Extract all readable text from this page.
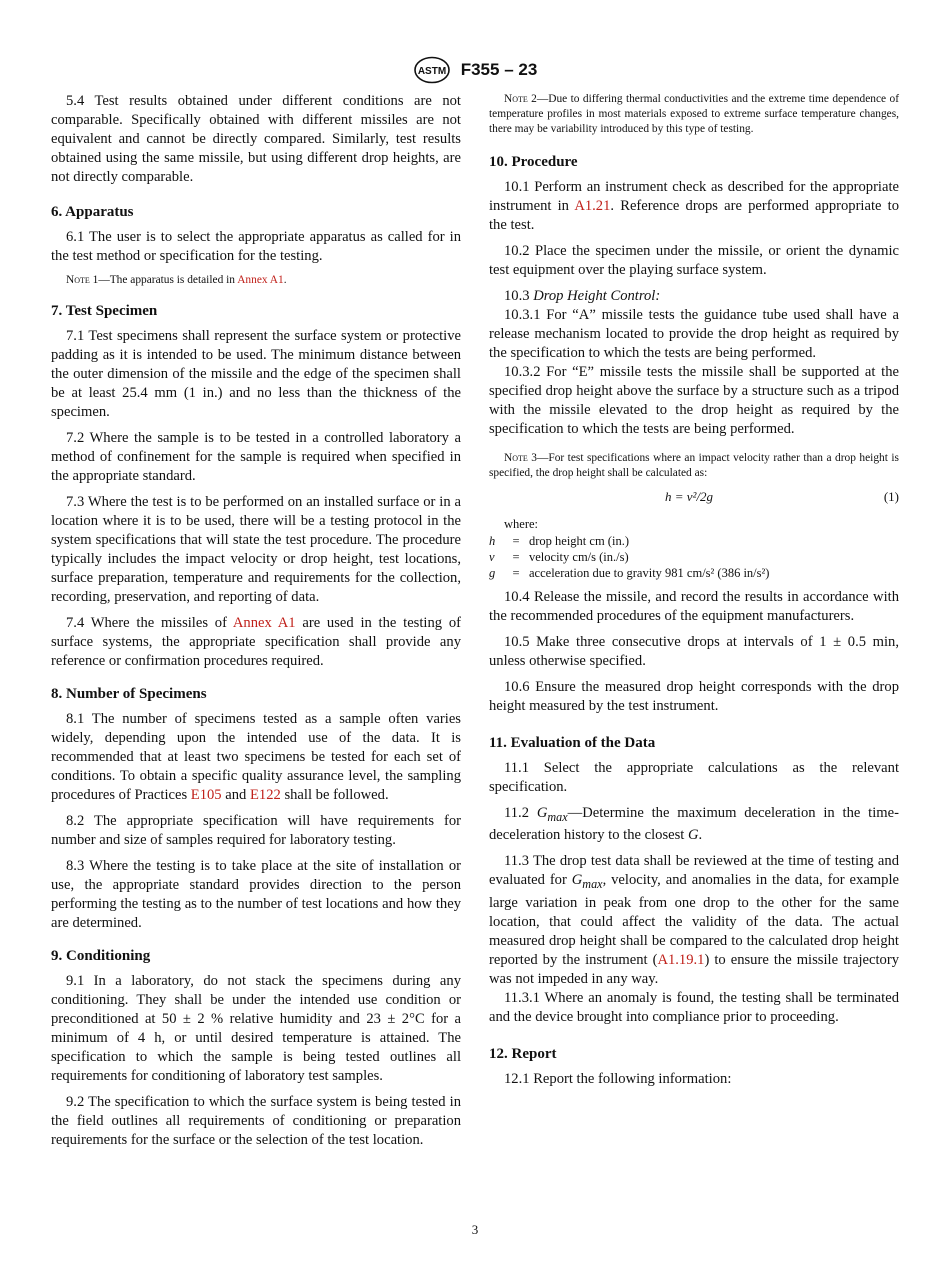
ASTM F355 – 23

5.4 Test results obtained under different conditions are not comparable. Specifically obtained with different missiles are not equivalent and cannot be directly compared. Similarly, test results obtained using the same missile, but using different drop heights, are not directly comparable.

6. Apparatus

6.1 The user is to select the appropriate apparatus as called for in the test method or specification for the testing.

Note 1—The apparatus is detailed in Annex A1.

7. Test Specimen

7.1 Test specimens shall represent the surface system or protective padding as it is intended to be used. The minimum distance between the outer dimension of the missile and the edge of the specimen shall be at least 25.4 mm (1 in.) and no less than the thickness of the specimen.

7.2 Where the sample is to be tested in a controlled laboratory a method of confinement for the sample is required when specified in the appropriate standard.

7.3 Where the test is to be performed on an installed surface or in a location where it is to be used, there will be a testing protocol in the system specifications that will state the test procedure. The procedure typically includes the impact velocity or drop height, test locations, surface preparation, temperature and requirements for the collection, recording, preservation, and reporting of data.

7.4 Where the missiles of Annex A1 are used in the testing of surface systems, the appropriate specification shall provide any reference or confirmation procedures required.

8. Number of Specimens

8.1 The number of specimens tested as a sample often varies widely, depending upon the intended use of the data. It is recommended that at least two specimens be tested for each set of conditions. To obtain a specific quality assurance level, the sampling procedures of Practices E105 and E122 shall be followed.

8.2 The appropriate specification will have requirements for number and size of samples required for laboratory testing.

8.3 Where the testing is to take place at the site of installation or use, the appropriate standard provides direction to the person performing the testing as to the number of test locations and how they are determined.

9. Conditioning

9.1 In a laboratory, do not stack the specimens during any conditioning. They shall be under the intended use condition or preconditioned at 50 ± 2 % relative humidity and 23 ± 2°C for a minimum of 4 h, or until desired temperature is attained. The specification to which the sample is being tested outlines all requirements for conditioning of laboratory test samples.

9.2 The specification to which the surface system is being tested in the field outlines all requirements of conditioning or preparation requirements for the surface or the selection of the test location.

Note 2—Due to differing thermal conductivities and the extreme time dependence of temperature profiles in most materials exposed to extreme surface temperature changes, there may be variability introduced by this type of testing.

10. Procedure

10.1 Perform an instrument check as described for the appropriate instrument in A1.21. Reference drops are performed appropriate to the test.

10.2 Place the specimen under the missile, or orient the dynamic test equipment over the playing surface system.

10.3 Drop Height Control:

10.3.1 For “A” missile tests the guidance tube used shall have a release mechanism located to provide the drop height as required by the specification to which the tests are being performed.

10.3.2 For “E” missile tests the missile shall be supported at the specified drop height above the surface by a structure such as a tripod with the missile elevated to the drop height as required by the specification to which the tests are being performed.

Note 3—For test specifications where an impact velocity rather than a drop height is specified, the drop height shall be calculated as:

h = v²/2g	(1)

where:

h	= drop height cm (in.)
v	= velocity cm/s (in./s)
g	= acceleration due to gravity 981 cm/s² (386 in/s²)

10.4 Release the missile, and record the results in accordance with the recommended procedures of the equipment manufacturers.

10.5 Make three consecutive drops at intervals of 1 ± 0.5 min, unless otherwise specified.

10.6 Ensure the measured drop height corresponds with the drop height measured by the test instrument.

11. Evaluation of the Data

11.1 Select the appropriate calculations as the relevant specification.

11.2 $G_{max}—Determine$ the maximum deceleration in the time-deceleration history to the closest G.

11.3 The drop test data shall be reviewed at the time of testing and evaluated for $G_{max}$, velocity, and anomalies in the data, for example large variation in peak from one drop to the other for the same location, that could affect the validity of the data. The actual measured drop height shall be compared to the calculated drop height reported by the instrument (A1.19.1) to ensure the missile trajectory was not impeded in any way.

11.3.1 Where an anomaly is found, the testing shall be terminated and the device brought into compliance prior to proceeding.

12. Report

12.1 Report the following information:

3
